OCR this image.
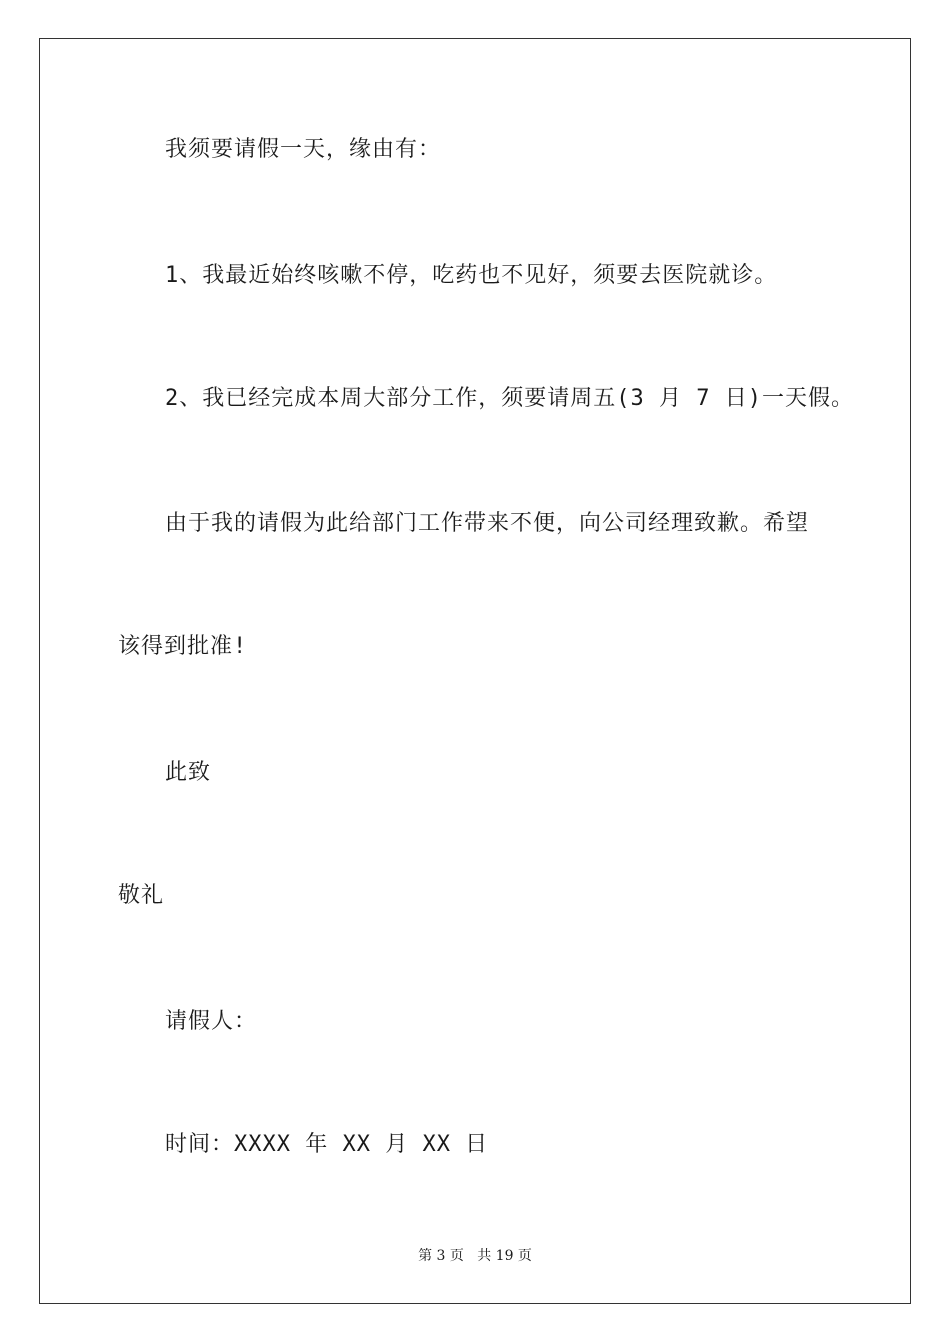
我须要请假一天，缘由有：
1、我最近始终咳嗽不停，吃药也不见好，须要去医院就诊。
2、我已经完成本周大部分工作，须要请周五(3 月 7 日)一天假。
由于我的请假为此给部门工作带来不便，向公司经理致歉。希望
该得到批准!
此致
敬礼
请假人：
时间：XXXX 年 XX 月 XX 日
第 3 页   共 19 页
